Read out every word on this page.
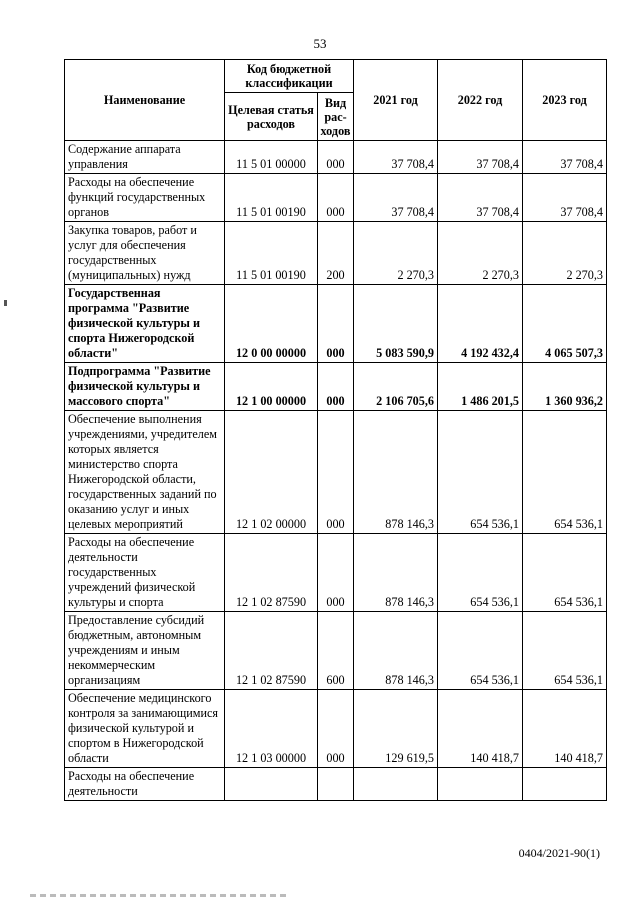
53
Наименование	Код бюджетной классификации		2021 год	2022 год	2023 год
	Целевая статья расходов	Вид рас-ходов			
Содержание аппарата управления	11 5 01 00000	000	37 708,4	37 708,4	37 708,4
Расходы на обеспечение функций государственных органов	11 5 01 00190	000	37 708,4	37 708,4	37 708,4
Закупка товаров, работ и услуг для обеспечения государственных (муниципальных) нужд	11 5 01 00190	200	2 270,3	2 270,3	2 270,3
Государственная программа "Развитие физической культуры и спорта Нижегородской области"	12 0 00 00000	000	5 083 590,9	4 192 432,4	4 065 507,3
Подпрограмма "Развитие физической культуры и массового спорта"	12 1 00 00000	000	2 106 705,6	1 486 201,5	1 360 936,2
Обеспечение выполнения учреждениями, учредителем которых является министерство спорта Нижегородской области, государственных заданий по оказанию услуг и иных целевых мероприятий	12 1 02 00000	000	878 146,3	654 536,1	654 536,1
Расходы на обеспечение деятельности государственных учреждений физической культуры и спорта	12 1 02 87590	000	878 146,3	654 536,1	654 536,1
Предоставление субсидий бюджетным, автономным учреждениям и иным некоммерческим организациям	12 1 02 87590	600	878 146,3	654 536,1	654 536,1
Обеспечение медицинского контроля за занимающимися физической культурой и спортом в Нижегородской области	12 1 03 00000	000	129 619,5	140 418,7	140 418,7
Расходы на обеспечение деятельности					
0404/2021-90(1)
